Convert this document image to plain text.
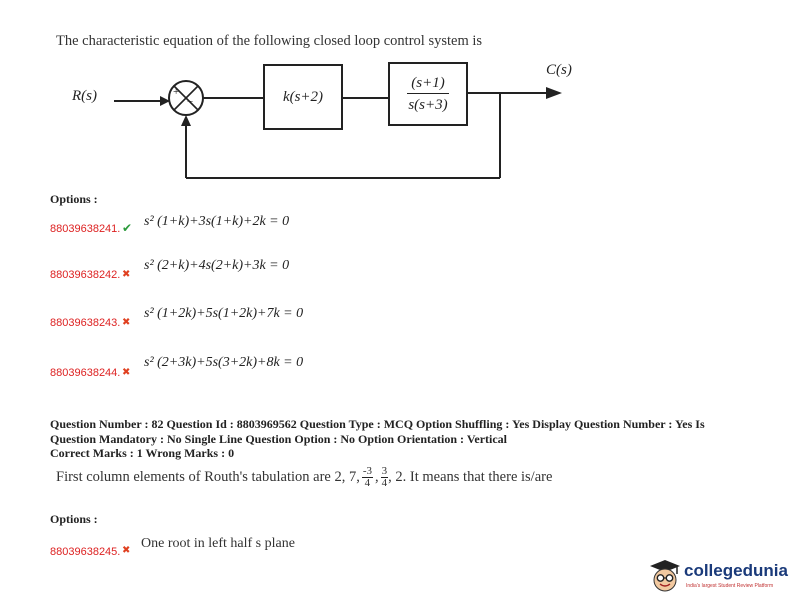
The characteristic equation of the following closed loop control system is
R(s)
C(s)
+
−	k(s+2)	$\frac{(s+1)}{s(s+3)}$
Options :
88039638241. ✔ s² (1+k)+3s(1+k)+2k = 0
88039638242. ✖
s² (2+k)+4s(2+k)+3k = 0
88039638243. ✖
s² (1+2k)+5s(1+2k)+7k = 0
88039638244. ✖
s² (2+3k)+5s(3+2k)+8k = 0
Question Number : 82 Question Id : 8803969562 Question Type : MCQ Option Shuffling : Yes Display Question Number : Yes Is
Question Mandatory : No Single Line Question Option : No Option Orientation : Vertical
Correct Marks : 1 Wrong Marks : 0
First column elements of Routh's tabulation are 2, 7, $\frac{-3}{4}$ , $\frac{3}{4}$ , 2. It means that there is/are
Options :
88039638245. ✖ One root in left half s plane
collegedunia
India's largest Student Review Platform
